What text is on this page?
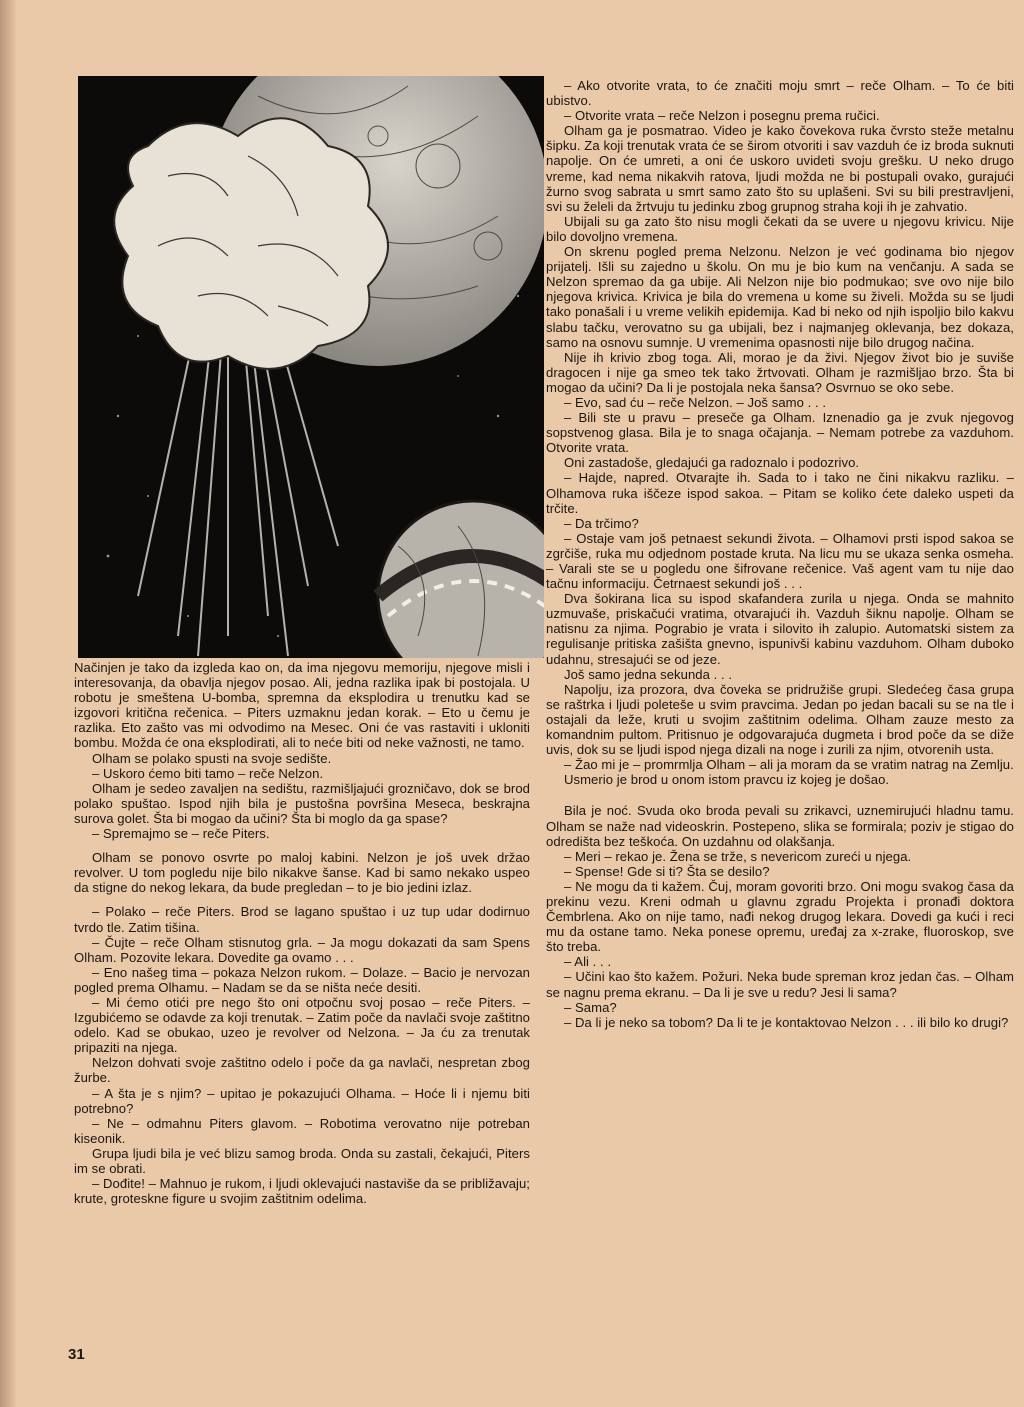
Načinjen je tako da izgleda kao on, da ima njegovu memoriju, njegove misli i interesovanja, da obavlja njegov posao. Ali, jedna razlika ipak bi postojala. U robotu je smeštena U-bomba, spremna da eksplodira u trenutku kad se izgovori kritična rečenica. – Piters uzmaknu jedan korak. – Eto u čemu je razlika. Eto zašto vas mi odvodimo na Mesec. Oni će vas rastaviti i ukloniti bombu. Možda će ona eksplodirati, ali to neće biti od neke važnosti, ne tamo.

Olham se polako spusti na svoje sedište.

– Uskoro ćemo biti tamo – reče Nelzon.

Olham je sedeo zavaljen na sedištu, razmišljajući grozničavo, dok se brod polako spuštao. Ispod njih bila je pustošna površina Meseca, beskrajna surova golet. Šta bi mogao da učini? Šta bi moglo da ga spase?

– Spremajmo se – reče Piters.

Olham se ponovo osvrte po maloj kabini. Nelzon je još uvek držao revolver. U tom pogledu nije bilo nikakve šanse. Kad bi samo nekako uspeo da stigne do nekog lekara, da bude pregledan – to je bio jedini izlaz.

– Polako – reče Piters. Brod se lagano spuštao i uz tup udar dodirnuo tvrdo tle. Zatim tišina.

– Čujte – reče Olham stisnutog grla. – Ja mogu dokazati da sam Spens Olham. Pozovite lekara. Dovedite ga ovamo . . .

– Eno našeg tima – pokaza Nelzon rukom. – Dolaze. – Bacio je nervozan pogled prema Olhamu. – Nadam se da se ništa neće desiti.

– Mi ćemo otići pre nego što oni otpočnu svoj posao – reče Piters. – Izgubićemo se odavde za koji trenutak. – Zatim poče da navlači svoje zaštitno odelo. Kad se obukao, uzeo je revolver od Nelzona. – Ja ću za trenutak pripaziti na njega.

Nelzon dohvati svoje zaštitno odelo i poče da ga navlači, nespretan zbog žurbe.

– A šta je s njim? – upitao je pokazujući Olhama. – Hoće li i njemu biti potrebno?

– Ne – odmahnu Piters glavom. – Robotima verovatno nije potreban kiseonik.

Grupa ljudi bila je već blizu samog broda. Onda su zastali, čekajući, Piters im se obrati.

– Dođite! – Mahnuo je rukom, i ljudi oklevajući nastaviše da se približavaju; krute, groteskne figure u svojim zaštitnim odelima.

– Ako otvorite vrata, to će značiti moju smrt – reče Olham. – To će biti ubistvo.

– Otvorite vrata – reče Nelzon i posegnu prema ručici.

Olham ga je posmatrao. Video je kako čovekova ruka čvrsto steže metalnu šipku. Za koji trenutak vrata će se širom otvoriti i sav vazduh će iz broda suknuti napolje. On će umreti, a oni će uskoro uvideti svoju grešku. U neko drugo vreme, kad nema nikakvih ratova, ljudi možda ne bi postupali ovako, gurajući žurno svog sabrata u smrt samo zato što su uplašeni. Svi su bili prestravljeni, svi su želeli da žrtvuju tu jedinku zbog grupnog straha koji ih je zahvatio.

Ubijali su ga zato što nisu mogli čekati da se uvere u njegovu krivicu. Nije bilo dovoljno vremena.

On skrenu pogled prema Nelzonu. Nelzon je već godinama bio njegov prijatelj. Išli su zajedno u školu. On mu je bio kum na venčanju. A sada se Nelzon spremao da ga ubije. Ali Nelzon nije bio podmukao; sve ovo nije bilo njegova krivica. Krivica je bila do vremena u kome su živeli. Možda su se ljudi tako ponašali i u vreme velikih epidemija. Kad bi neko od njih ispoljio bilo kakvu slabu tačku, verovatno su ga ubijali, bez i najmanjeg oklevanja, bez dokaza, samo na osnovu sumnje. U vremenima opasnosti nije bilo drugog načina.

Nije ih krivio zbog toga. Ali, morao je da živi. Njegov život bio je suviše dragocen i nije ga smeo tek tako žrtvovati. Olham je razmišljao brzo. Šta bi mogao da učini? Da li je postojala neka šansa? Osvrnuo se oko sebe.

– Evo, sad ću – reče Nelzon. – Još samo . . .

– Bili ste u pravu – preseče ga Olham. Iznenadio ga je zvuk njegovog sopstvenog glasa. Bila je to snaga očajanja. – Nemam potrebe za vazduhom. Otvorite vrata.

Oni zastadoše, gledajući ga radoznalo i podozrivo.

– Hajde, napred. Otvarajte ih. Sada to i tako ne čini nikakvu razliku. – Olhamova ruka iščeze ispod sakoa. – Pitam se koliko ćete daleko uspeti da trčite.

– Da trčimo?

– Ostaje vam još petnaest sekundi života. – Olhamovi prsti ispod sakoa se zgrčiše, ruka mu odjednom postade kruta. Na licu mu se ukaza senka osmeha. – Varali ste se u pogledu one šifrovane rečenice. Vaš agent vam tu nije dao tačnu informaciju. Četrnaest sekundi još . . .

Dva šokirana lica su ispod skafandera zurila u njega. Onda se mahnito uzmuvaše, priskačući vratima, otvarajući ih. Vazduh šiknu napolje. Olham se natisnu za njima. Pograbio je vrata i silovito ih zalupio. Automatski sistem za regulisanje pritiska zašišta gnevno, ispunivši kabinu vazduhom. Olham duboko udahnu, stresajući se od jeze.

Još samo jedna sekunda . . .

Napolju, iza prozora, dva čoveka se pridružiše grupi. Sledećeg časa grupa se raštrka i ljudi poleteše u svim pravcima. Jedan po jedan bacali su se na tle i ostajali da leže, kruti u svojim zaštitnim odelima. Olham zauze mesto za komandnim pultom. Pritisnuo je odgovarajuća dugmeta i brod poče da se diže uvis, dok su se ljudi ispod njega dizali na noge i zurili za njim, otvorenih usta.

– Žao mi je – promrmlja Olham – ali ja moram da se vratim natrag na Zemlju.

Usmerio je brod u onom istom pravcu iz kojeg je došao.

Bila je noć. Svuda oko broda pevali su zrikavci, uznemirujući hladnu tamu. Olham se naže nad videoskrin. Postepeno, slika se formirala; poziv je stigao do odredišta bez teškoća. On uzdahnu od olakšanja.

– Meri – rekao je. Žena se trže, s nevericom zureći u njega.

– Spense! Gde si ti? Šta se desilo?

– Ne mogu da ti kažem. Čuj, moram govoriti brzo. Oni mogu svakog časa da prekinu vezu. Kreni odmah u glavnu zgradu Projekta i pronađi doktora Čembrlena. Ako on nije tamo, nađi nekog drugog lekara. Dovedi ga kući i reci mu da ostane tamo. Neka ponese opremu, uređaj za x-zrake, fluoroskop, sve što treba.

– Ali . . .

– Učini kao što kažem. Požuri. Neka bude spreman kroz jedan čas. – Olham se nagnu prema ekranu. – Da li je sve u redu? Jesi li sama?

– Sama?

– Da li je neko sa tobom? Da li te je kontaktovao Nelzon . . . ili bilo ko drugi?

31
